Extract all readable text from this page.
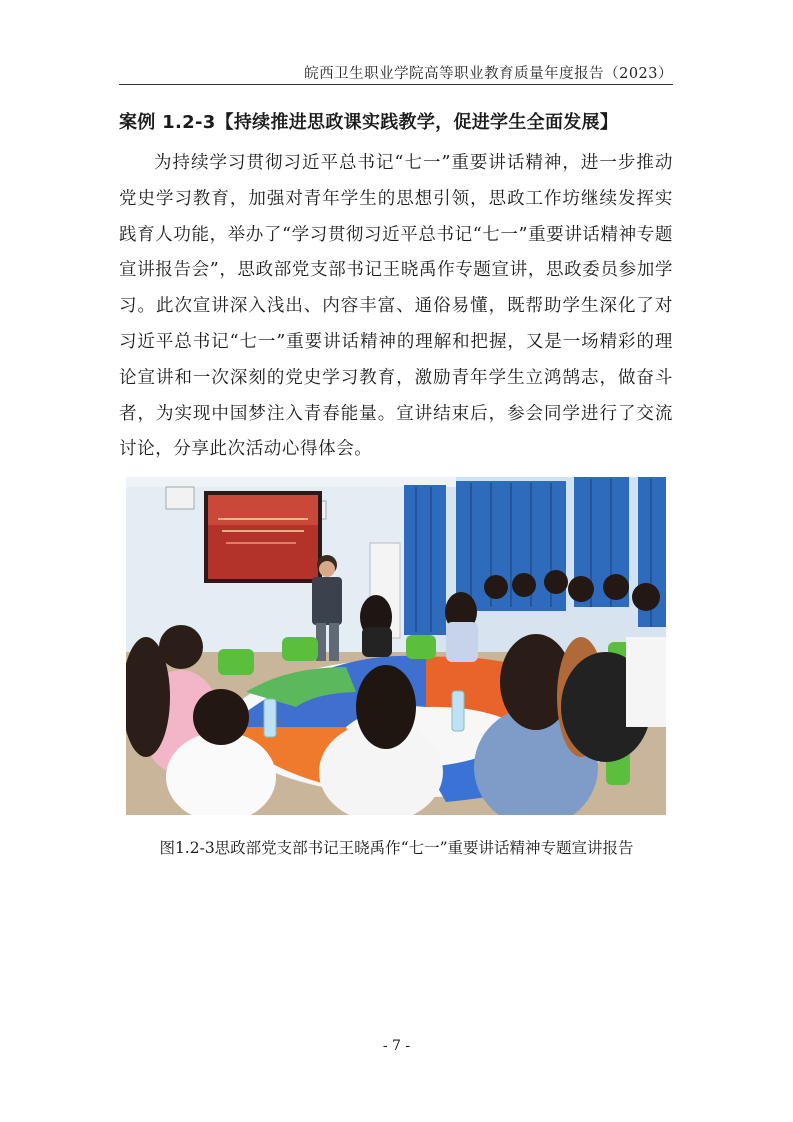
皖西卫生职业学院高等职业教育质量年度报告（2023）
案例 1.2-3【持续推进思政课实践教学，促进学生全面发展】

为持续学习贯彻习近平总书记“七一”重要讲话精神，进一步推动党史学习教育，加强对青年学生的思想引领，思政工作坊继续发挥实践育人功能，举办了“学习贯彻习近平总书记“七一”重要讲话精神专题宣讲报告会”，思政部党支部书记王晓禹作专题宣讲，思政委员参加学习。此次宣讲深入浅出、内容丰富、通俗易懂，既帮助学生深化了对习近平总书记“七一”重要讲话精神的理解和把握，又是一场精彩的理论宣讲和一次深刻的党史学习教育，激励青年学生立鸿鹄志，做奋斗者，为实现中国梦注入青春能量。宣讲结束后，参会同学进行了交流讨论，分享此次活动心得体会。

图1.2-3思政部党支部书记王晓禹作“七一”重要讲话精神专题宣讲报告
- 7 -
